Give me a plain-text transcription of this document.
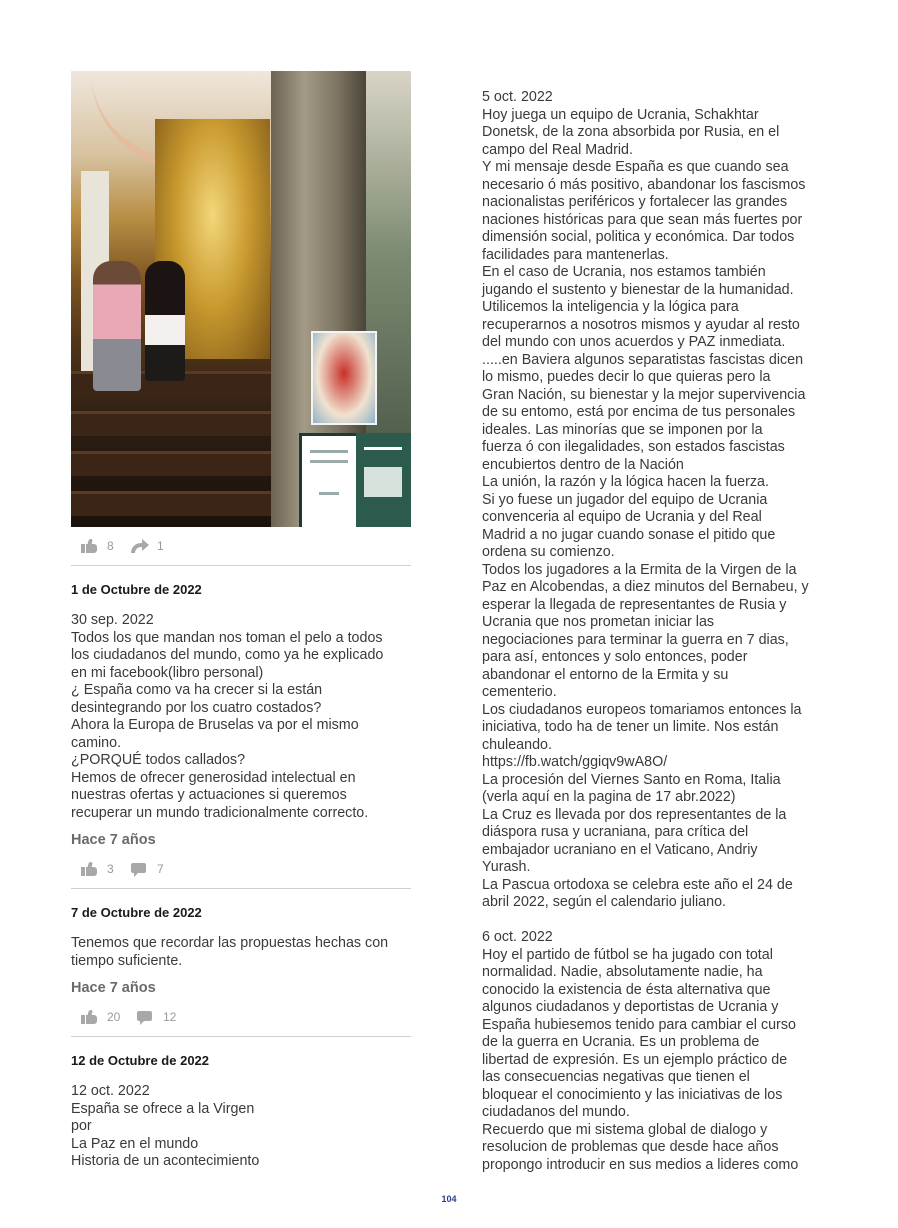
8	1
1 de Octubre de 2022

30 sep. 2022

Todos los que mandan nos toman el pelo a todos

los ciudadanos del mundo, como ya he explicado

en mi facebook(libro personal)

¿ España como va ha crecer si la están

desintegrando por los cuatro costados?

Ahora la Europa de Bruselas va por el mismo

camino.

¿PORQUÉ todos callados?

Hemos de ofrecer generosidad intelectual en

nuestras ofertas y actuaciones si queremos

recuperar un mundo tradicionalmente correcto.

Hace 7 años
3	7
7 de Octubre de 2022

Tenemos que recordar las propuestas hechas con

tiempo suficiente.

Hace 7 años
20	12
12 de Octubre de 2022

12 oct. 2022

España se ofrece a la Virgen

por

La Paz en el mundo

Historia de un acontecimiento

5 oct. 2022

Hoy juega un equipo de Ucrania, Schakhtar

Donetsk, de la zona absorbida por Rusia, en el

campo del Real Madrid.

Y mi mensaje desde España es que cuando sea

necesario ó más positivo, abandonar los fascismos

nacionalistas periféricos y fortalecer las grandes

naciones históricas para que sean más fuertes por

dimensión social, politica y económica. Dar todos

facilidades para mantenerlas.

En el caso de Ucrania, nos estamos también

jugando el sustento y bienestar de la humanidad.

Utilicemos la inteligencia y la lógica para

recuperarnos a nosotros mismos y ayudar al resto

del mundo con unos acuerdos y PAZ inmediata.

.....en Baviera algunos separatistas fascistas dicen

lo mismo, puedes decir lo que quieras pero la

Gran Nación, su bienestar y la mejor supervivencia

de su entomo, está por encima de tus personales

ideales. Las minorías que se imponen por la

fuerza ó con ilegalidades, son estados fascistas

encubiertos dentro de la Nación

La unión, la razón y la lógica hacen la fuerza.

Si yo fuese un jugador del equipo de Ucrania

convenceria al equipo de Ucrania y del Real

Madrid a no jugar cuando sonase el pitido que

ordena su comienzo.

Todos los jugadores a la Ermita de la Virgen de la

Paz en Alcobendas, a diez minutos del Bernabeu, y

esperar la llegada de representantes de Rusia y

Ucrania que nos prometan iniciar las

negociaciones para terminar la guerra en 7 dias,

para así, entonces y solo entonces, poder

abandonar el entorno de la Ermita y su

cementerio.

Los ciudadanos europeos tomariamos entonces la

iniciativa, todo ha de tener un limite. Nos están

chuleando.

https://fb.watch/ggiqv9wA8O/

La procesión del Viernes Santo en Roma, Italia

(verla aquí en la pagina de 17 abr.2022)

La Cruz es llevada por dos representantes de la

diáspora rusa y ucraniana, para crítica del

embajador ucraniano en el Vaticano, Andriy

Yurash.

La Pascua ortodoxa se celebra este año el 24 de

abril 2022, según el calendario juliano.

6 oct. 2022

Hoy el partido de fútbol se ha jugado con total

normalidad. Nadie, absolutamente nadie, ha

conocido la existencia de ésta alternativa que

algunos ciudadanos y deportistas de Ucrania y

España hubiesemos tenido para cambiar el curso

de la guerra en Ucrania. Es un problema de

libertad de expresión. Es un ejemplo práctico de

las consecuencias negativas que tienen el

bloquear el conocimiento y las iniciativas de los

ciudadanos del mundo.

Recuerdo que mi sistema global de dialogo y

resolucion de problemas que desde hace años

propongo introducir en sus medios a lideres como

104
